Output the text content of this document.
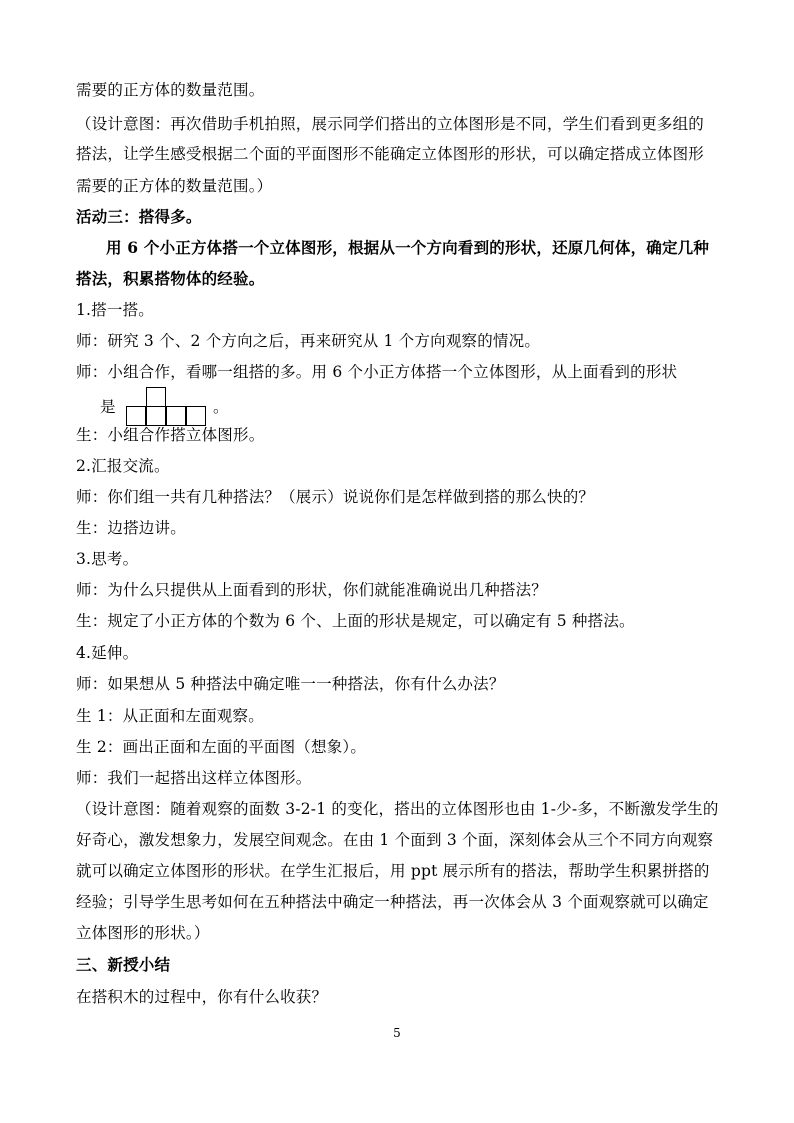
需要的正方体的数量范围。
（设计意图：再次借助手机拍照，展示同学们搭出的立体图形是不同，学生们看到更多组的
搭法，让学生感受根据二个面的平面图形不能确定立体图形的形状，可以确定搭成立体图形
需要的正方体的数量范围。）
活动三：搭得多。
用 6 个小正方体搭一个立体图形，根据从一个方向看到的形状，还原几何体，确定几种
搭法，积累搭物体的经验。
1.搭一搭。
师：研究 3 个、2 个方向之后，再来研究从 1 个方向观察的情况。
师：小组合作，看哪一组搭的多。用 6 个小正方体搭一个立体图形，从上面看到的形状
是	。
生：小组合作搭立体图形。
2.汇报交流。
师：你们组一共有几种搭法？（展示）说说你们是怎样做到搭的那么快的？
生：边搭边讲。
3.思考。
师：为什么只提供从上面看到的形状，你们就能准确说出几种搭法？
生：规定了小正方体的个数为 6 个、上面的形状是规定，可以确定有 5 种搭法。
4.延伸。
师：如果想从 5 种搭法中确定唯一一种搭法，你有什么办法？
生 1：从正面和左面观察。
生 2：画出正面和左面的平面图（想象）。
师：我们一起搭出这样立体图形。
（设计意图：随着观察的面数 3-2-1 的变化，搭出的立体图形也由 1-少-多，不断激发学生的
好奇心，激发想象力，发展空间观念。在由 1 个面到 3 个面，深刻体会从三个不同方向观察
就可以确定立体图形的形状。在学生汇报后，用 ppt 展示所有的搭法，帮助学生积累拼搭的
经验；引导学生思考如何在五种搭法中确定一种搭法，再一次体会从 3 个面观察就可以确定
立体图形的形状。）
三、新授小结
在搭积木的过程中，你有什么收获？
5
